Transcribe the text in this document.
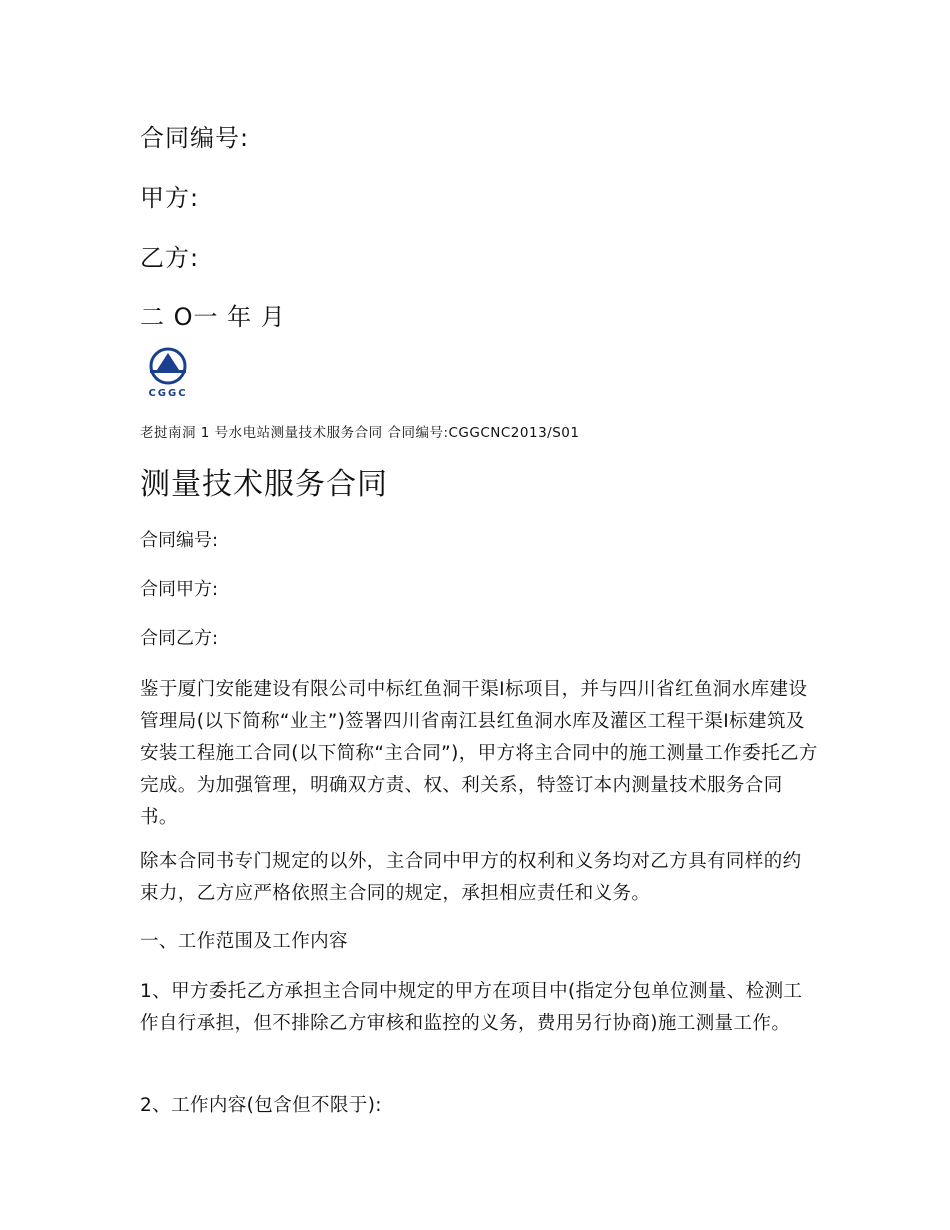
合同编号:
甲方:
乙方:
二 O一 年 月
CGGC
老挝南洞 1 号水电站测量技术服务合同 合同编号:CGGCNC2013/S01
测量技术服务合同
合同编号:
合同甲方:
合同乙方:
鉴于厦门安能建设有限公司中标红鱼洞干渠Ⅰ标项目，并与四川省红鱼洞水库建设管理局(以下简称“业主”)签署四川省南江县红鱼洞水库及灌区工程干渠Ⅰ标建筑及安装工程施工合同(以下简称“主合同”)，甲方将主合同中的施工测量工作委托乙方完成。为加强管理，明确双方责、权、利关系，特签订本内测量技术服务合同书。
除本合同书专门规定的以外，主合同中甲方的权利和义务均对乙方具有同样的约束力，乙方应严格依照主合同的规定，承担相应责任和义务。
一、工作范围及工作内容
1、甲方委托乙方承担主合同中规定的甲方在项目中(指定分包单位测量、检测工作自行承担，但不排除乙方审核和监控的义务，费用另行协商)施工测量工作。
2、工作内容(包含但不限于):
